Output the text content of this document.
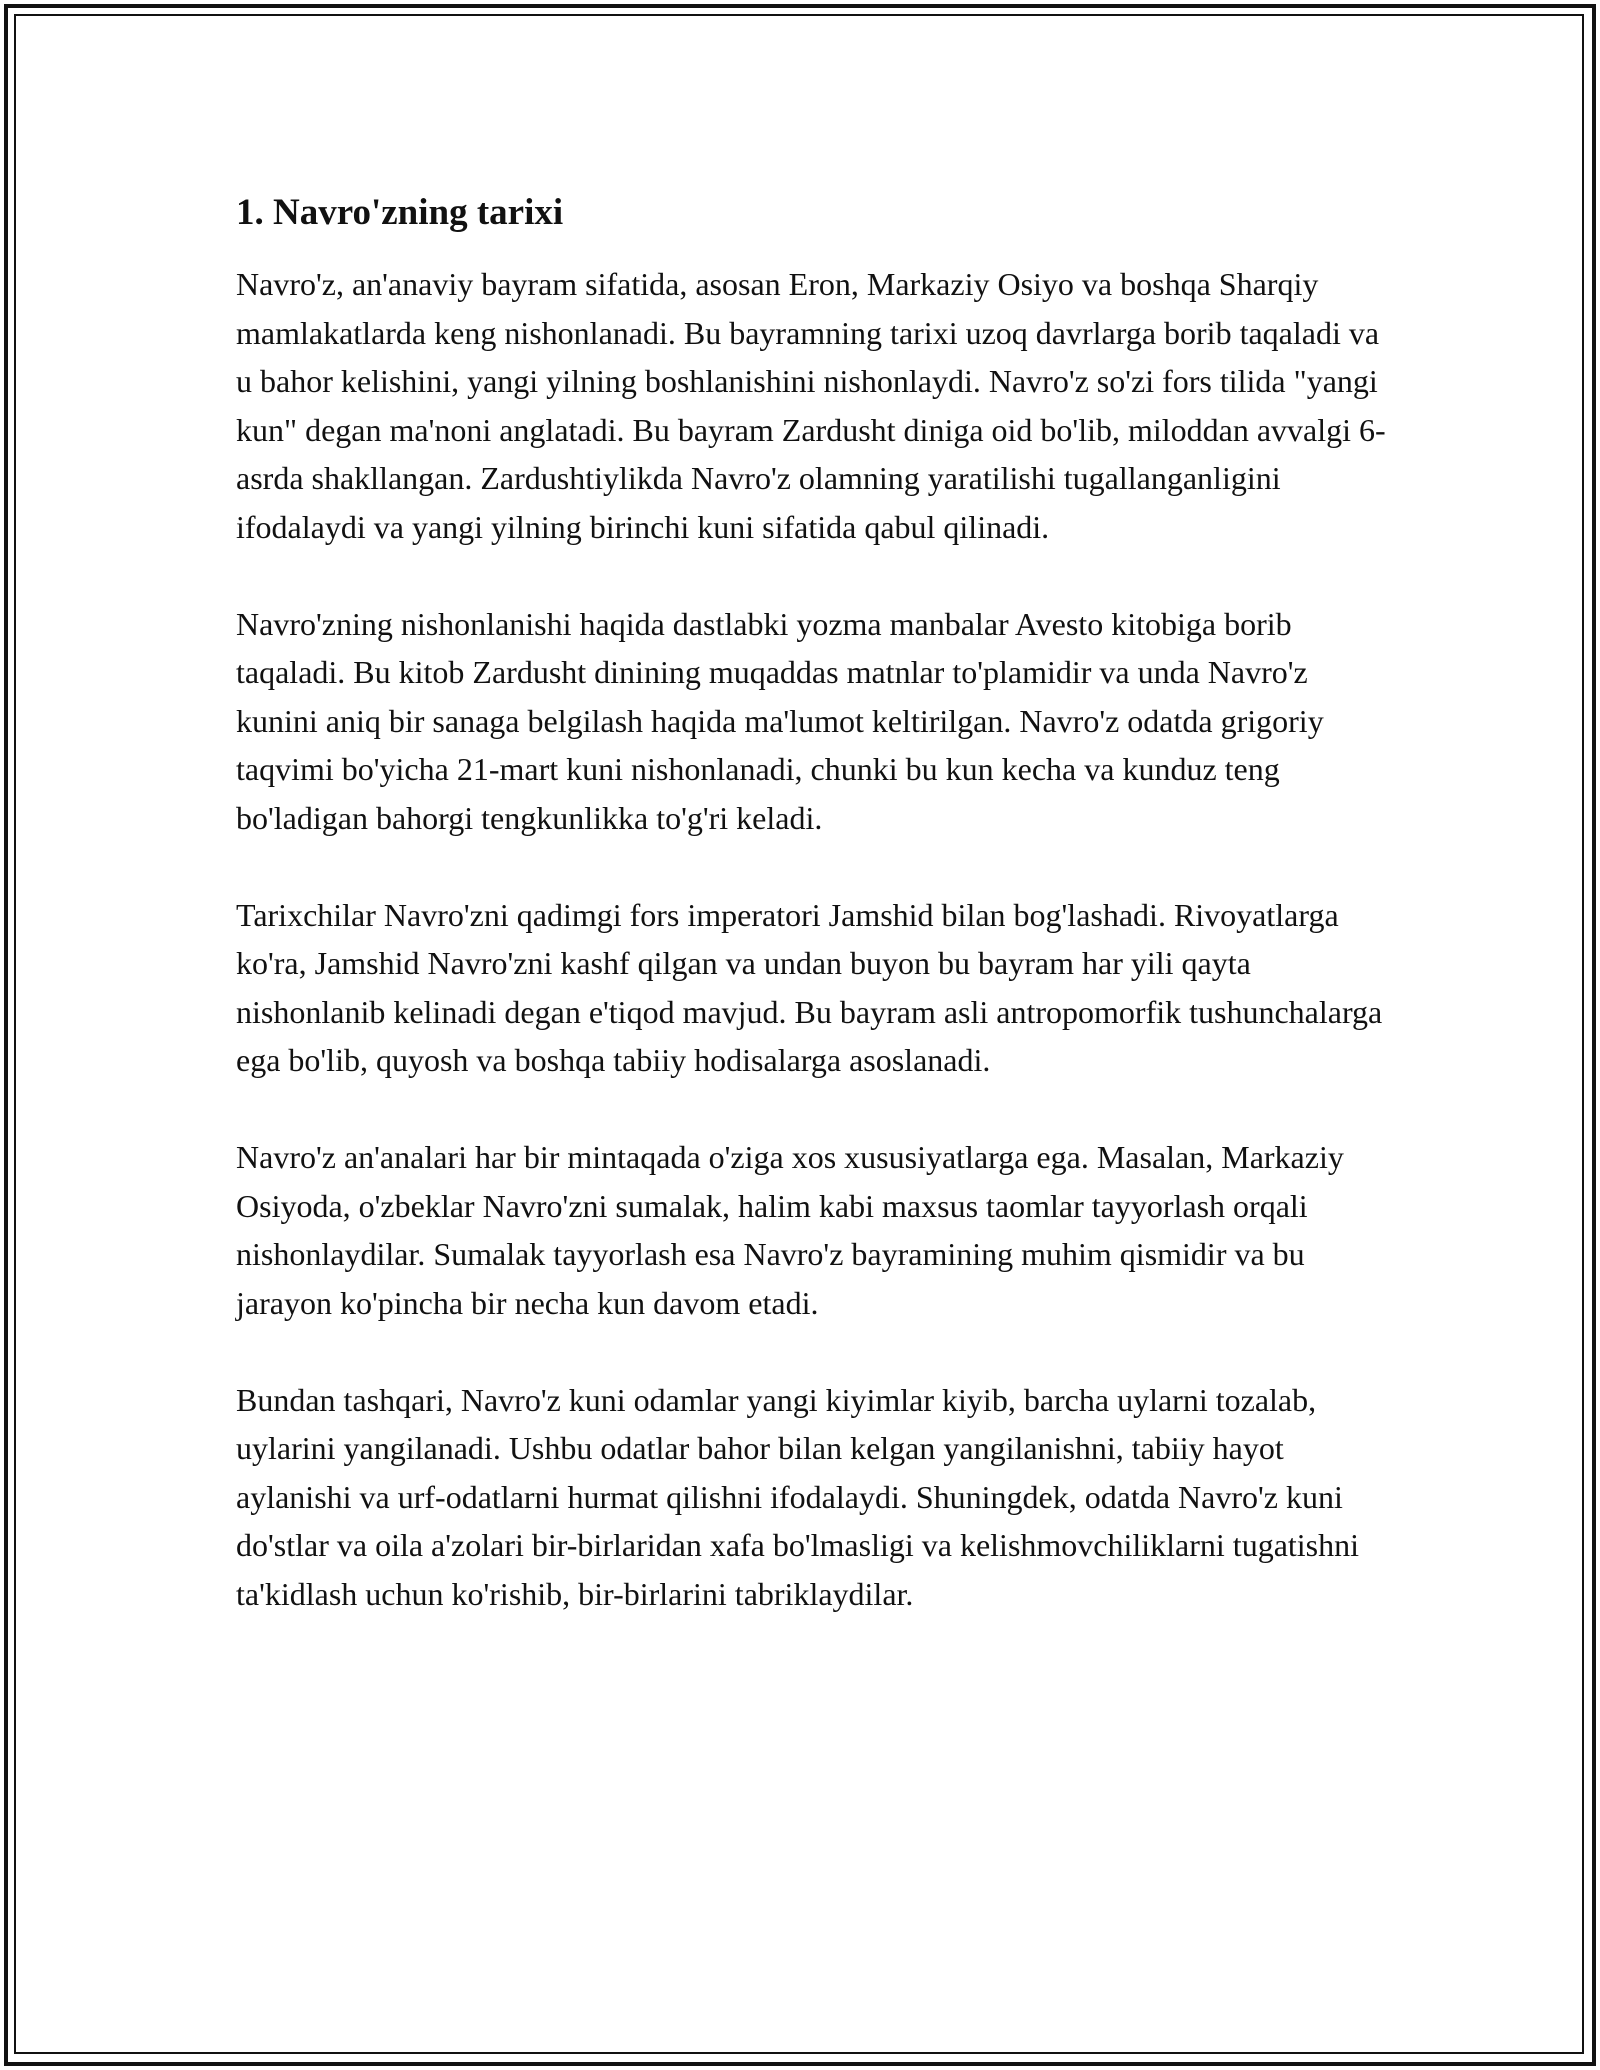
1. Navro'zning tarixi

Navro'z, an'anaviy bayram sifatida, asosan Eron, Markaziy Osiyo va boshqa Sharqiy mamlakatlarda keng nishonlanadi. Bu bayramning tarixi uzoq davrlarga borib taqaladi va u bahor kelishini, yangi yilning boshlanishini nishonlaydi. Navro'z so'zi fors tilida "yangi kun" degan ma'noni anglatadi. Bu bayram Zardusht diniga oid bo'lib, miloddan avvalgi 6-asrda shakllangan. Zardushtiylikda Navro'z olamning yaratilishi tugallanganligini ifodalaydi va yangi yilning birinchi kuni sifatida qabul qilinadi.

Navro'zning nishonlanishi haqida dastlabki yozma manbalar Avesto kitobiga borib taqaladi. Bu kitob Zardusht dinining muqaddas matnlar to'plamidir va unda Navro'z kunini aniq bir sanaga belgilash haqida ma'lumot keltirilgan. Navro'z odatda grigoriy taqvimi bo'yicha 21-mart kuni nishonlanadi, chunki bu kun kecha va kunduz teng bo'ladigan bahorgi tengkunlikka to'g'ri keladi.

Tarixchilar Navro'zni qadimgi fors imperatori Jamshid bilan bog'lashadi. Rivoyatlarga ko'ra, Jamshid Navro'zni kashf qilgan va undan buyon bu bayram har yili qayta nishonlanib kelinadi degan e'tiqod mavjud. Bu bayram asli antropomorfik tushunchalarga ega bo'lib, quyosh va boshqa tabiiy hodisalarga asoslanadi.

Navro'z an'analari har bir mintaqada o'ziga xos xususiyatlarga ega. Masalan, Markaziy Osiyoda, o'zbeklar Navro'zni sumalak, halim kabi maxsus taomlar tayyorlash orqali nishonlaydilar. Sumalak tayyorlash esa Navro'z bayramining muhim qismidir va bu jarayon ko'pincha bir necha kun davom etadi.

Bundan tashqari, Navro'z kuni odamlar yangi kiyimlar kiyib, barcha uylarni tozalab, uylarini yangilanadi. Ushbu odatlar bahor bilan kelgan yangilanishni, tabiiy hayot aylanishi va urf-odatlarni hurmat qilishni ifodalaydi. Shuningdek, odatda Navro'z kuni do'stlar va oila a'zolari bir-birlaridan xafa bo'lmasligi va kelishmovchiliklarni tugatishni ta'kidlash uchun ko'rishib, bir-birlarini tabriklaydilar.
